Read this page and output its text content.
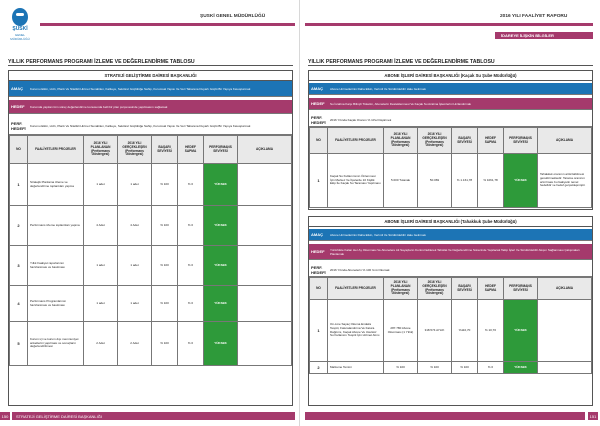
ŞUSKİ
GENEL MÜDÜRLÜĞÜ
ŞUSKİ GENEL MÜDÜRLÜĞÜ
YILLIK PERFORMANS PROGRAMI İZLEME VE DEĞERLENDİRME TABLOSU
STRATEJİ GELİŞTİRME DAİRESİ BAŞKANLIĞI
AMAÇ	Kurumu Etkin, Hızlı, Planlı Ve Nitelikli Hizmet Sunabilen, Kaliteye, Sektörel Güçlülüğe Sahip, Kurumsal Yapısı Ve Veri Tabanına Duyarlı Güçlü Bir Yapıya Kavuşturmak
HEDEF	Kurumda yapılan tüm süreç değerlendirme konusunda belli bir plan çerçevesinde yapılmasını sağlamak
PERF. HEDEFİ	Kurumu Etkin, Hızlı, Planlı Ve Nitelikli Hizmet Sunabilen, Kaliteye, Sektörel Güçlülüğe Sahip, Kurumsal Yapısı Ve Veri Tabanına Duyarlı Güçlü Bir Yapıya Kavuşturmak
NO	FAALİYETLER/ PROJELER	2016 YILI PLANLANAN (Performans Göstergesi)	2016 YILI GERÇEKLEŞEN (Performans Göstergesi)	BAŞARI SEVİYESİ	HEDEF SAPMA	PERFORMANS SEVİYESİ	AÇIKLAMA
1	Stratejik Planlama izleme ve değerlendirme toplantıları yapma	1 adet	1 adet	% 100	% 0	YÜKSEK	
2	Performans izleme toplantıları yapma	4 Adet	4 Adet	% 100	% 0	YÜKSEK	
3	Yıllık Faaliyet raporlarının hazırlanması ve basılması	1 adet	1 adet	% 100	% 0	YÜKSEK	
4	Performans Programlarının hazırlanması ve basılması	1 adet	1 adet	% 100	% 0	YÜKSEK	
5	Kurum içi ve kurum dışı memnuniyet anketlerini yapılması ve sonuçların değerlendirilmesi	2 Adet	2 Adet	% 100	% 0	YÜKSEK	
150	STRATEJİ GELİŞTİRME DAİRESİ BAŞKANLIĞI
2016 YILI FAALİYET RAPORU
İDAREYE İLİŞKİN BİLGİLER
YILLIK PERFORMANS PROGRAMI İZLEME VE DEĞERLENDİRME TABLOSU
ABONE İŞLERİ DAİRESİ BAŞKANLIĞI (Kaçak Su Şube Müdürlüğü)
AMAÇ	Abone Hizmetlerinin Daha Etkin, Verimli Ve Sürdürülebilir Hale Getirmek
HEDEF	Su İsrafına Karşı Bilinçli Tüketim, Abonelerin Desteklenmesi Ve Kaçak Su Azalma İşlemlerini Hızlandırmak
PERF. HEDEFİ	2016 Yılında Kaçak Oranını % 10'a Düşürmek
NO	FAALİYETLER/ PROJELER	2016 YILI PLANLANAN (Performans Göstergesi)	2016 YILI GERÇEKLEŞEN (Performans Göstergesi)	BAŞARI SEVİYESİ	HEDEF SAPMA	PERFORMANS SEVİYESİ	AÇIKLAMA
1	Kaçak Su Kullanımının Önlenmesi İçin Merkez Ve İlçelerde 10 Kişilik Ekip İle Kaçak Su Taraması Yapılması	5.000 Tutanak	50.069	% 1.161,78	% 1061,78	YÜKSEK	Tahakkuk oranının arttırılabilmesi gerektirmektedir. Tarama oranının artırılması bu faaliyetin temel hedefidir ve hedef gerçekleşmiştir.
ABONE İŞLERİ DAİRESİ BAŞKANLIĞI (Tahakkuk Şube Müdürlüğü)
AMAÇ	Abone Hizmetlerinin Daha Etkin, Verimli Ve Sürdürülebilir Hale Getirmek
HEDEF	Yürürlükte Kalan Her Ay Okunması Ve Abonelere Ait Sayaçların Kontrol Edilerek Tahsilat Ve Değerlendirme Sürecinde Yapılacak Takip İşleri Ve Sürdürülebilir Akışın Sağlanması Çalışmaları Planlamak
PERF. HEDEFİ	2016 Yılında Abonelerin % 100 'ünü Okumak
NO	FAALİYETLER/ PROJELER	2016 YILI PLANLANAN (Performans Göstergesi)	2016 YILI GERÇEKLEŞEN (Performans Göstergesi)	BAŞARI SEVİYESİ	HEDEF SAPMA	PERFORMANS SEVİYESİ	AÇIKLAMA
1	On-Line Sayaç Okuma Endeks Tespiti, Faturalandırma Ve Fatura Dağıtımı, Kaçak Abone Ve Usulsüz Su Kullanımı Tespiti İçin Hizmet Alımı	287.780 Abone Okunması (1 Yıllık)	318.574 AYLIK	%110,70	% 10,70	YÜKSEK	
2	Malzeme Temini	% 100	% 100	% 100	% 0	YÜKSEK	
151
